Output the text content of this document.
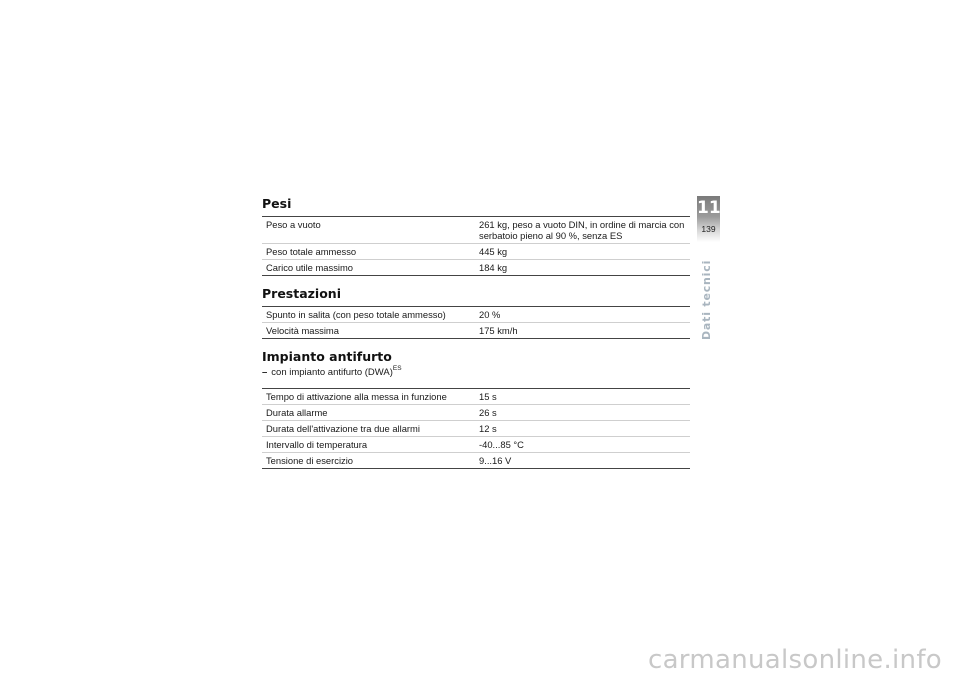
Pesi
Peso a vuoto	261 kg, peso a vuoto DIN, in ordine di marcia con serbatoio pieno al 90 %, senza ES
Peso totale ammesso	445 kg
Carico utile massimo	184 kg
Prestazioni
Spunto in salita (con peso totale ammesso)	20 %
Velocità massima	175 km/h
Impianto antifurto
– con impianto antifurto (DWA)$^{ES}$
Tempo di attivazione alla messa in funzione	15 s
Durata allarme	26 s
Durata dell'attivazione tra due allarmi	12 s
Intervallo di temperatura	-40...85 °C
Tensione di esercizio	9...16 V
11
139
Dati tecnici
carmanualsonline.info
